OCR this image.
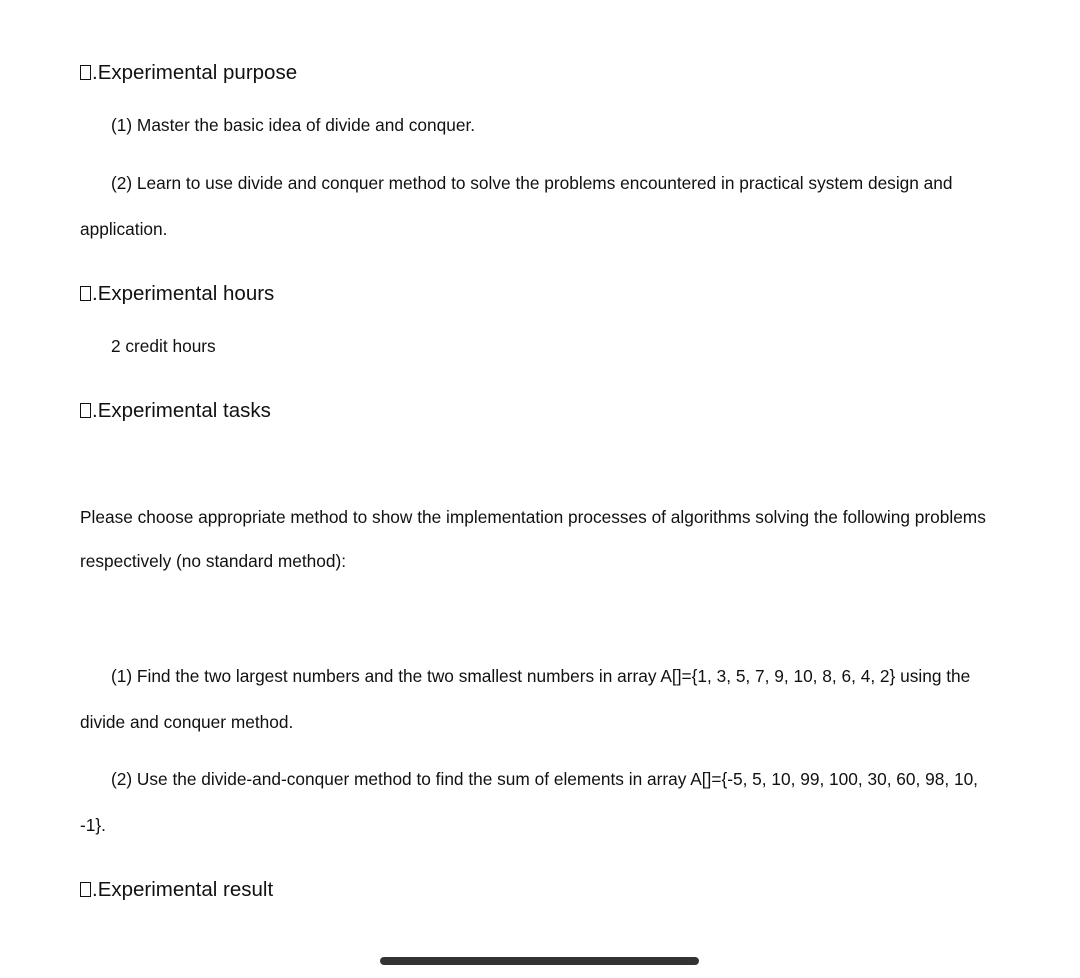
.Experimental purpose
(1) Master the basic idea of divide and conquer.
(2) Learn to use divide and conquer method to solve the problems encountered in practical system design and
application.
.Experimental hours
2 credit hours
.Experimental tasks
Please choose appropriate method to show the implementation processes of algorithms solving the following problems
respectively (no standard method):
(1) Find the two largest numbers and the two smallest numbers in array A[]={1, 3, 5, 7, 9, 10, 8, 6, 4, 2} using the
divide and conquer method.
(2) Use the divide-and-conquer method to find the sum of elements in array A[]={-5, 5, 10, 99, 100, 30, 60, 98, 10,
-1}.
.Experimental result
